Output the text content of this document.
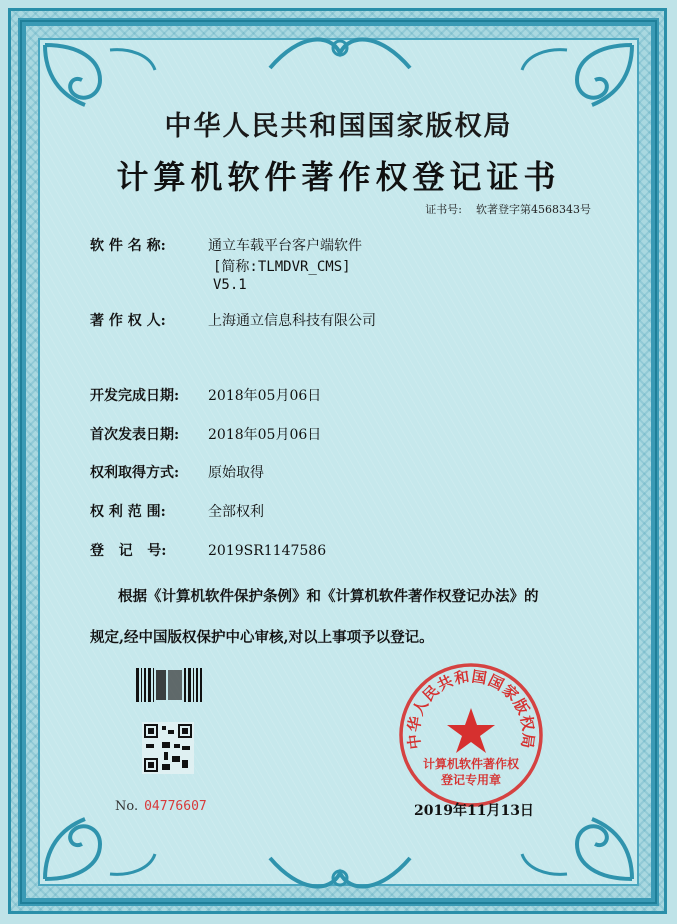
中华人民共和国国家版权局
计算机软件著作权登记证书
证书号: 软著登字第4568343号
软 件 名 称:	通立车载平台客户端软件
[简称:TLMDVR_CMS]
V5.1
著 作 权 人:	上海通立信息科技有限公司
开发完成日期: 2018年05月06日
首次发表日期: 2018年05月06日
权利取得方式: 原始取得
权 利 范 围:	全部权利
登   记   号:	2019SR1147586
根据《计算机软件保护条例》和《计算机软件著作权登记办法》的
规定,经中国版权保护中心审核,对以上事项予以登记。
No. 04776607
中华人民共和国国家版权局
计算机软件著作权
登记专用章
2019年11月13日
